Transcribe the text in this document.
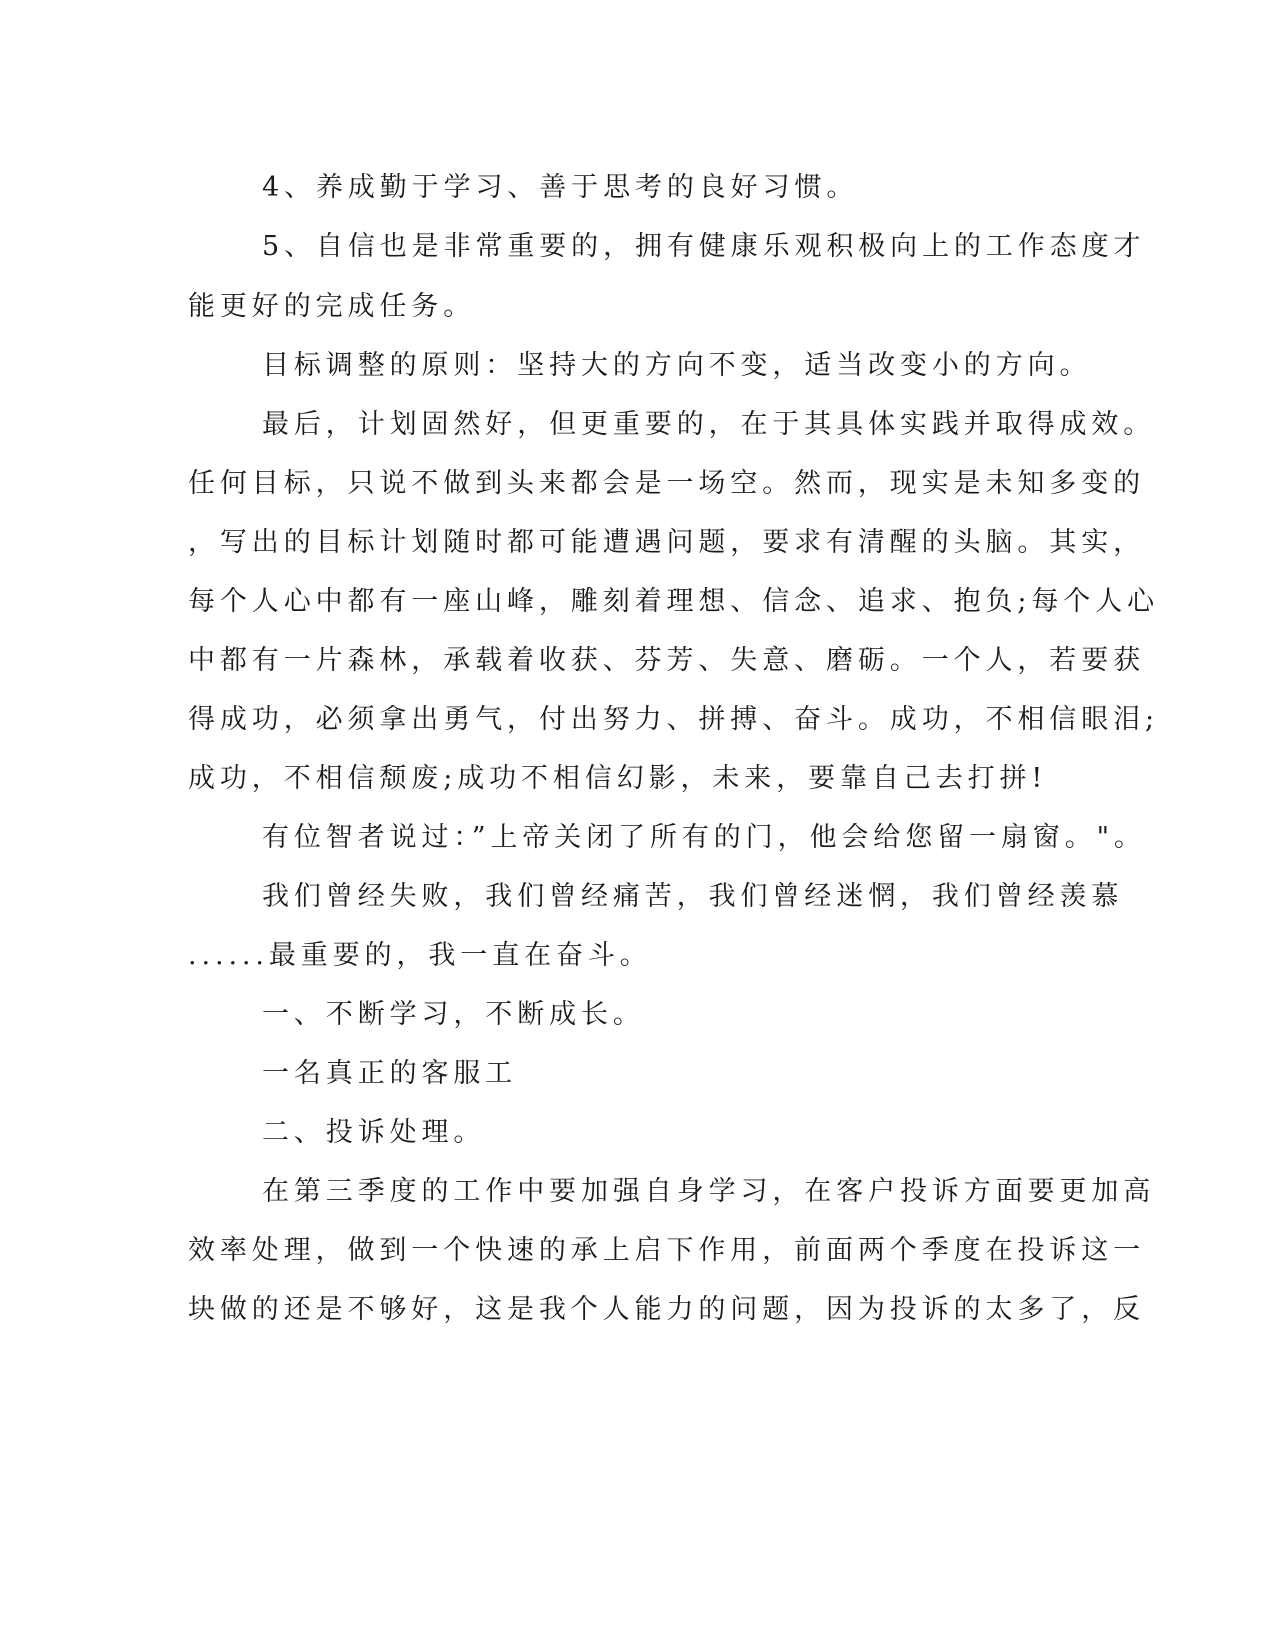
4、养成勤于学习、善于思考的良好习惯。

5、自信也是非常重要的，拥有健康乐观积极向上的工作态度才

能更好的完成任务。

目标调整的原则：坚持大的方向不变，适当改变小的方向。

最后，计划固然好，但更重要的，在于其具体实践并取得成效。

任何目标，只说不做到头来都会是一场空。然而，现实是未知多变的

，写出的目标计划随时都可能遭遇问题，要求有清醒的头脑。其实，

每个人心中都有一座山峰，雕刻着理想、信念、追求、抱负;每个人心

中都有一片森林，承载着收获、芬芳、失意、磨砺。一个人，若要获

得成功，必须拿出勇气，付出努力、拼搏、奋斗。成功，不相信眼泪;

成功，不相信颓废;成功不相信幻影，未来，要靠自己去打拼!

有位智者说过：”上帝关闭了所有的门，他会给您留一扇窗。"。

我们曾经失败，我们曾经痛苦，我们曾经迷惘，我们曾经羡慕

......最重要的，我一直在奋斗。

一、不断学习，不断成长。

一名真正的客服工

二、投诉处理。

在第三季度的工作中要加强自身学习，在客户投诉方面要更加高

效率处理，做到一个快速的承上启下作用，前面两个季度在投诉这一

块做的还是不够好，这是我个人能力的问题，因为投诉的太多了，反
